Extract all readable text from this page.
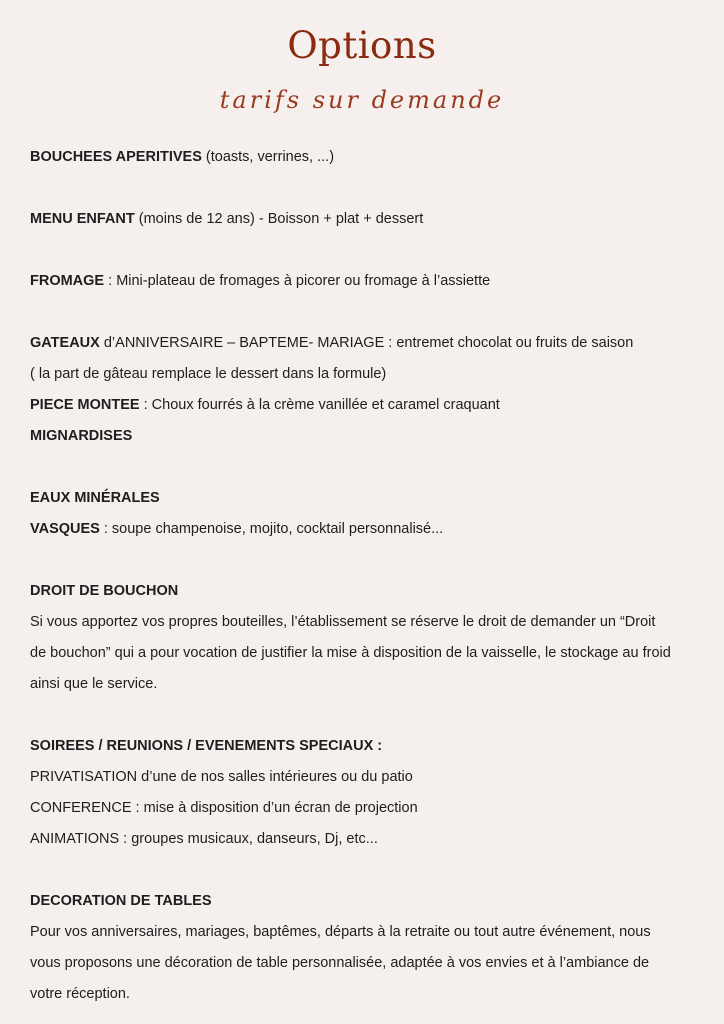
Options
tarifs sur demande
BOUCHEES APERITIVES (toasts, verrines, ...)
MENU ENFANT (moins de 12 ans) - Boisson + plat + dessert
FROMAGE : Mini-plateau de fromages à picorer ou fromage à l’assiette
GATEAUX d’ANNIVERSAIRE – BAPTEME- MARIAGE : entremet chocolat ou fruits de saison
( la part de gâteau remplace le dessert dans la formule)
PIECE MONTEE : Choux fourrés à la crème vanillée et caramel craquant
MIGNARDISES
EAUX MINÉRALES
VASQUES : soupe champenoise, mojito, cocktail personnalisé...
DROIT DE BOUCHON
Si vous apportez vos propres bouteilles, l’établissement se réserve le droit de demander un “Droit
de bouchon” qui a pour vocation de justifier la mise à disposition de la vaisselle, le stockage au froid
ainsi que le service.
SOIREES / REUNIONS / EVENEMENTS SPECIAUX :
PRIVATISATION d’une de nos salles intérieures ou du patio
CONFERENCE : mise à disposition d’un écran de projection
ANIMATIONS : groupes musicaux, danseurs, Dj, etc...
DECORATION DE TABLES
Pour vos anniversaires, mariages, baptêmes, départs à la retraite ou tout autre événement, nous
vous proposons une décoration de table personnalisée, adaptée à vos envies et à l’ambiance de
votre réception.
